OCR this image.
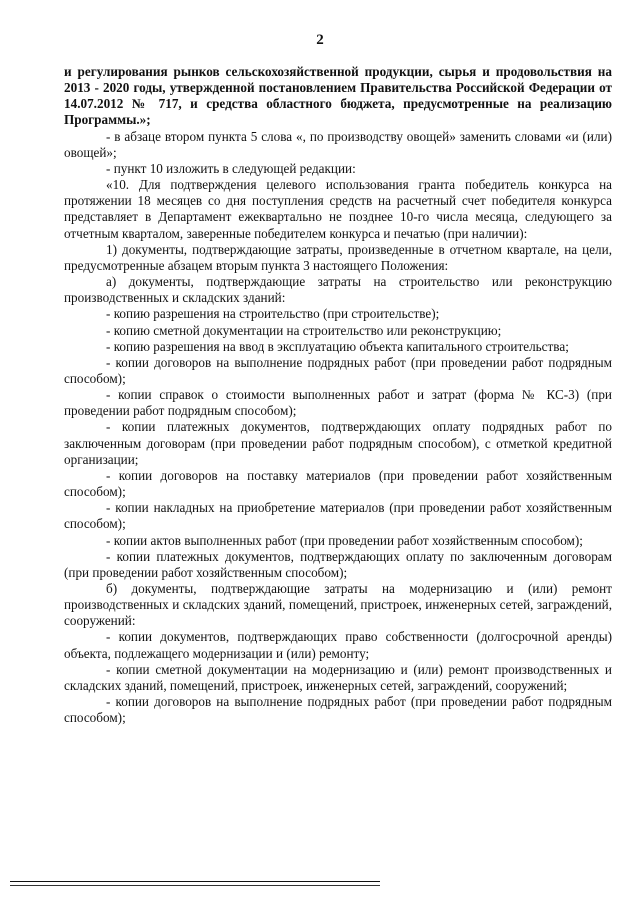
2

и регулирования рынков сельскохозяйственной продукции, сырья и продовольствия на 2013 - 2020 годы, утвержденной постановлением Правительства Российской Федерации от 14.07.2012 № 717, и средства областного бюджета, предусмотренные на реализацию Программы.»;

- в абзаце втором пункта 5 слова «, по производству овощей» заменить словами «и (или) овощей»;

- пункт 10 изложить в следующей редакции:

«10. Для подтверждения целевого использования гранта победитель конкурса на протяжении 18 месяцев со дня поступления средств на расчетный счет победителя конкурса представляет в Департамент ежеквартально не позднее 10-го числа месяца, следующего за отчетным кварталом, заверенные победителем конкурса и печатью (при наличии):

1) документы, подтверждающие затраты, произведенные в отчетном квартале, на цели, предусмотренные абзацем вторым пункта 3 настоящего Положения:

а) документы, подтверждающие затраты на строительство или реконструкцию производственных и складских зданий:

- копию разрешения на строительство (при строительстве);

- копию сметной документации на строительство или реконструкцию;

- копию разрешения на ввод в эксплуатацию объекта капитального строительства;

- копии договоров на выполнение подрядных работ (при проведении работ подрядным способом);

- копии справок о стоимости выполненных работ и затрат (форма № КС-3) (при проведении работ подрядным способом);

- копии платежных документов, подтверждающих оплату подрядных работ по заключенным договорам (при проведении работ подрядным способом), с отметкой кредитной организации;

- копии договоров на поставку материалов (при проведении работ хозяйственным способом);

- копии накладных на приобретение материалов (при проведении работ хозяйственным способом);

- копии актов выполненных работ (при проведении работ хозяйственным способом);

- копии платежных документов, подтверждающих оплату по заключенным договорам (при проведении работ хозяйственным способом);

б) документы, подтверждающие затраты на модернизацию и (или) ремонт производственных и складских зданий, помещений, пристроек, инженерных сетей, заграждений, сооружений:

- копии документов, подтверждающих право собственности (долгосрочной аренды) объекта, подлежащего модернизации и (или) ремонту;

- копии сметной документации на модернизацию и (или) ремонт производственных и складских зданий, помещений, пристроек, инженерных сетей, заграждений, сооружений;

- копии договоров на выполнение подрядных работ (при проведении работ подрядным способом);
